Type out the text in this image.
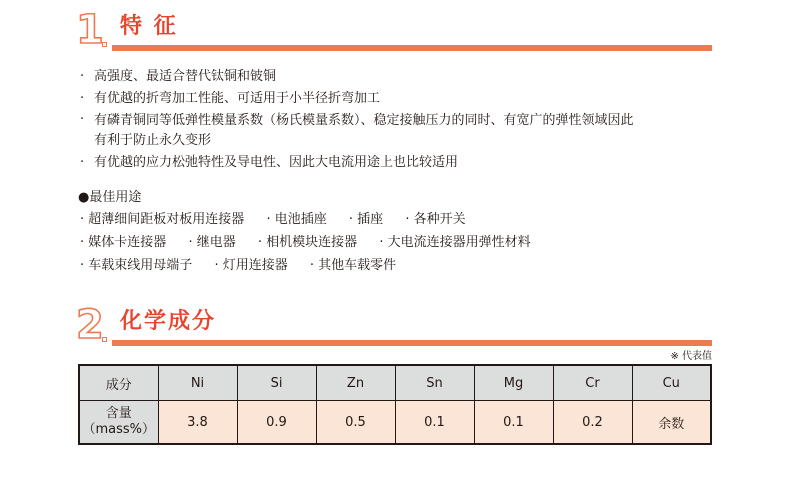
1 特 征
· 高强度、最适合替代钛铜和铍铜
· 有优越的折弯加工性能、可适用于小半径折弯加工
· 有磷青铜同等低弹性模量系数（杨氏模量系数）、稳定接触压力的同时、有宽广的弹性领域因此
有利于防止永久变形
· 有优越的应力松弛特性及导电性、因此大电流用途上也比较适用
●最佳用途
· 超薄细间距板对板用连接器 · 电池插座 · 插座 · 各种开关
· 媒体卡连接器 · 继电器 · 相机模块连接器 · 大电流连接器用弹性材料
· 车载束线用母端子 · 灯用连接器 · 其他车载零件
2 化学成分
※ 代表值
成分	Ni	Si	Zn	Sn	Mg	Cr	Cu
含量
（mass%）	3.8	0.9	0.5	0.1	0.1	0.2	余数
